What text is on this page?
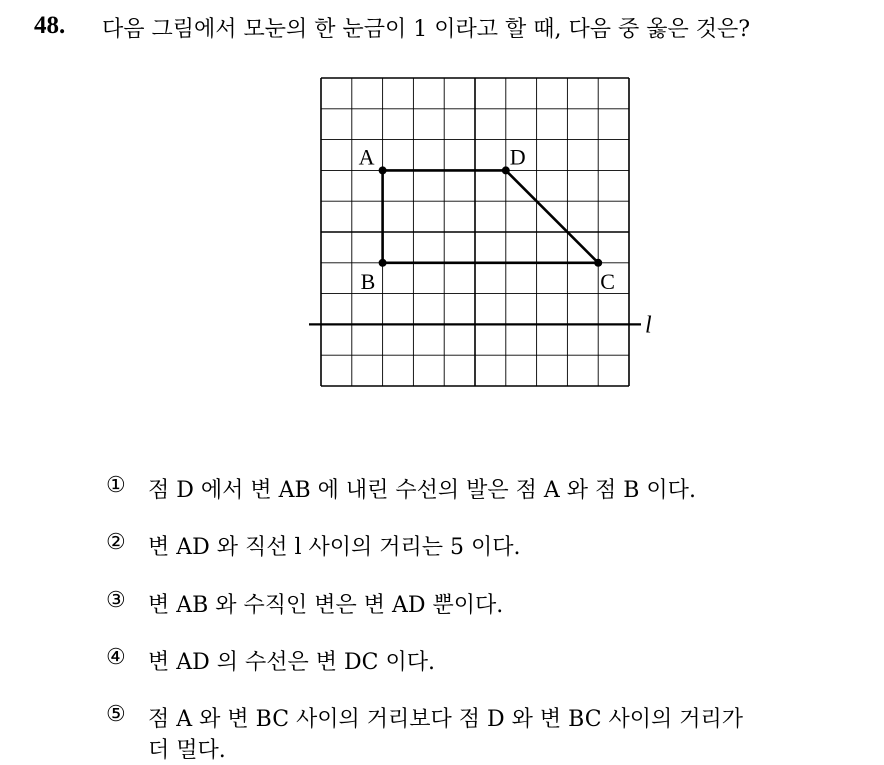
48. 다음 그림에서 모눈의 한 눈금이 1 이라고 할 때, 다음 중 옳은 것은?
l
A	D
C
B
①	점 D 에서 변 AB 에 내린 수선의 발은 점 A 와 점 B 이다.
②	변 AD 와 직선 l 사이의 거리는 5 이다.
③	변 AB 와 수직인 변은 변 AD 뿐이다.
④	변 AD 의 수선은 변 DC 이다.
⑤	점 A 와 변 BC 사이의 거리보다 점 D 와 변 BC 사이의 거리가
더 멀다.
